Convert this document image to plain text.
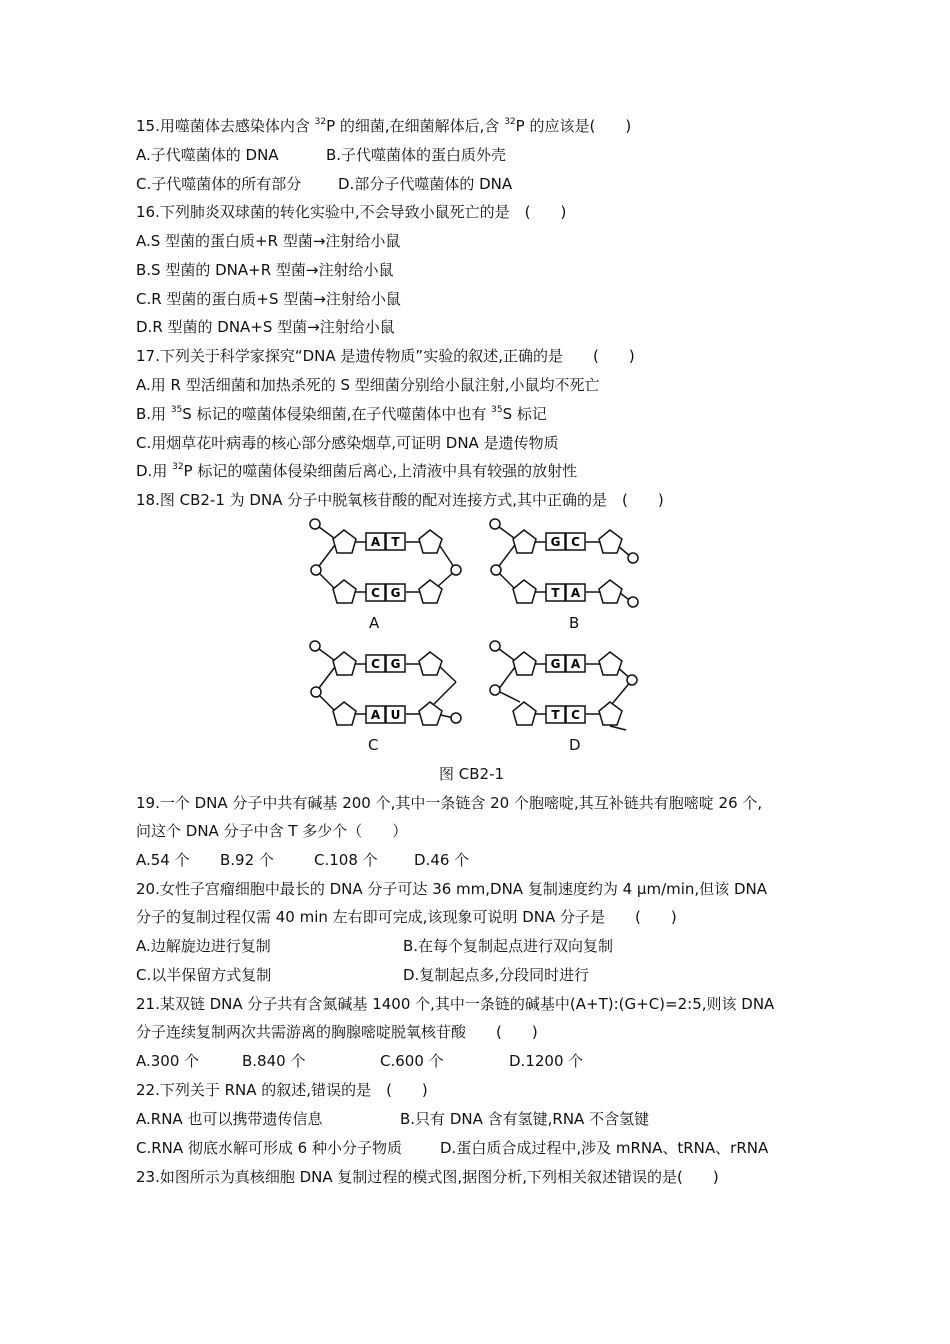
15.用噬菌体去感染体内含 $^{32}$P 的细菌,在细菌解体后,含 $^{32}$P 的应该是(　　)
A.子代噬菌体的 DNA	B.子代噬菌体的蛋白质外壳
C.子代噬菌体的所有部分 D.部分子代噬菌体的 DNA
16.下列肺炎双球菌的转化实验中,不会导致小鼠死亡的是　(　　)
A.S 型菌的蛋白质+R 型菌→注射给小鼠
B.S 型菌的 DNA+R 型菌→注射给小鼠
C.R 型菌的蛋白质+S 型菌→注射给小鼠
D.R 型菌的 DNA+S 型菌→注射给小鼠
17.下列关于科学家探究“DNA 是遗传物质”实验的叙述,正确的是　　(　　)
A.用 R 型活细菌和加热杀死的 S 型细菌分别给小鼠注射,小鼠均不死亡
B.用 $^{35}$S 标记的噬菌体侵染细菌,在子代噬菌体中也有 $^{35}$S 标记
C.用烟草花叶病毒的核心部分感染烟草,可证明 DNA 是遗传物质
D.用 $^{32}$P 标记的噬菌体侵染细菌后离心,上清液中具有较强的放射性
18.图 CB2-1 为 DNA 分子中脱氧核苷酸的配对连接方式,其中正确的是　(　　)
A T
C G
A
G C
T A
B
C G
A U
C
G A
T C
D
图 CB2-1
19.一个 DNA 分子中共有碱基 200 个,其中一条链含 20 个胞嘧啶,其互补链共有胞嘧啶 26 个,
问这个 DNA 分子中含 T 多少个（　　）
A.54 个 B.92 个	C.108 个 D.46 个
20.女性子宫瘤细胞中最长的 DNA 分子可达 36 mm,DNA 复制速度约为 4 μm/min,但该 DNA
分子的复制过程仅需 40 min 左右即可完成,该现象可说明 DNA 分子是　　(　　)
A.边解旋边进行复制	B.在每个复制起点进行双向复制
C.以半保留方式复制	D.复制起点多,分段同时进行
21.某双链 DNA 分子共有含氮碱基 1400 个,其中一条链的碱基中(A+T):(G+C)=2:5,则该 DNA
分子连续复制两次共需游离的胸腺嘧啶脱氧核苷酸　　(　　)
A.300 个	B.840 个	C.600 个	D.1200 个
22.下列关于 RNA 的叙述,错误的是　(　　)
A.RNA 也可以携带遗传信息	B.只有 DNA 含有氢键,RNA 不含氢键
C.RNA 彻底水解可形成 6 种小分子物质	D.蛋白质合成过程中,涉及 mRNA、tRNA、rRNA
23.如图所示为真核细胞 DNA 复制过程的模式图,据图分析,下列相关叙述错误的是(　　)
